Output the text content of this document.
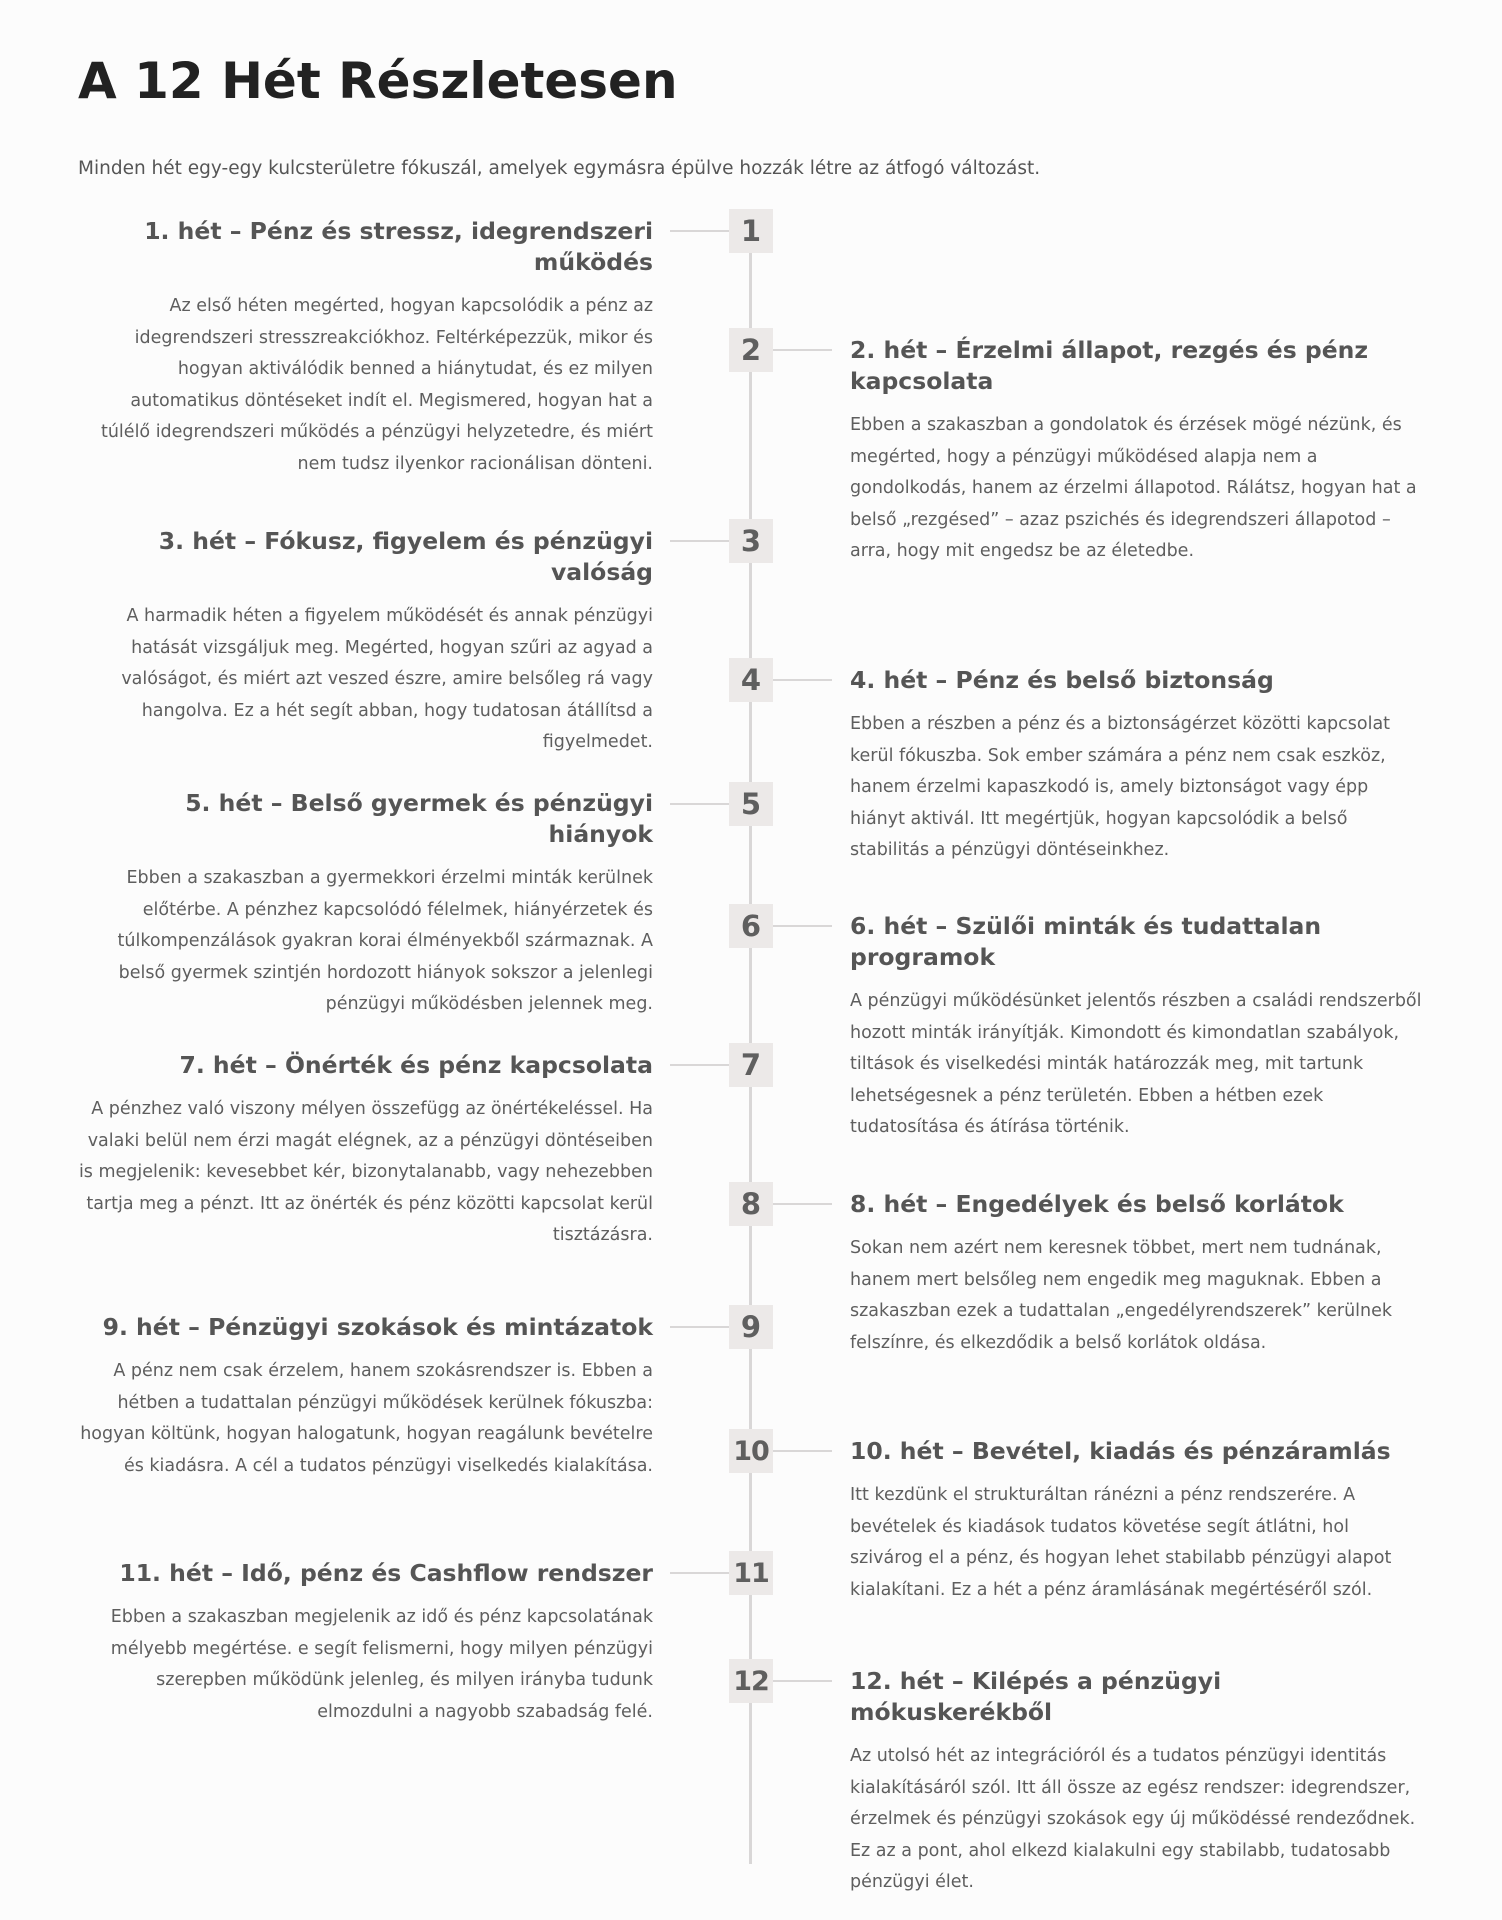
A 12 Hét Részletesen

Minden hét egy-egy kulcsterületre fókuszál, amelyek egymásra épülve hozzák létre az átfogó változást.

1
1. hét – Pénz és stressz, idegrendszeri működés

Az első héten megérted, hogyan kapcsolódik a pénz az idegrendszeri stresszreakciókhoz. Feltérképezzük, mikor és hogyan aktiválódik benned a hiánytudat, és ez milyen automatikus döntéseket indít el. Megismered, hogyan hat a túlélő idegrendszeri működés a pénzügyi helyzetedre, és miért nem tudsz ilyenkor racionálisan dönteni.

2	2. hét – Érzelmi állapot, rezgés és pénz kapcsolata

Ebben a szakaszban a gondolatok és érzések mögé nézünk, és megérted, hogy a pénzügyi működésed alapja nem a gondolkodás, hanem az érzelmi állapotod. Rálátsz, hogyan hat a belső „rezgésed” – azaz pszichés és idegrendszeri állapotod – arra, hogy mit engedsz be az életedbe.

3
3. hét – Fókusz, figyelem és pénzügyi valóság

A harmadik héten a figyelem működését és annak pénzügyi hatását vizsgáljuk meg. Megérted, hogyan szűri az agyad a valóságot, és miért azt veszed észre, amire belsőleg rá vagy hangolva. Ez a hét segít abban, hogy tudatosan átállítsd a figyelmedet.

4	4. hét – Pénz és belső biztonság

Ebben a részben a pénz és a biztonságérzet közötti kapcsolat kerül fókuszba. Sok ember számára a pénz nem csak eszköz, hanem érzelmi kapaszkodó is, amely biztonságot vagy épp hiányt aktivál. Itt megértjük, hogyan kapcsolódik a belső stabilitás a pénzügyi döntéseinkhez.

5
5. hét – Belső gyermek és pénzügyi hiányok

Ebben a szakaszban a gyermekkori érzelmi minták kerülnek előtérbe. A pénzhez kapcsolódó félelmek, hiányérzetek és túlkompenzálások gyakran korai élményekből származnak. A belső gyermek szintjén hordozott hiányok sokszor a jelenlegi pénzügyi működésben jelennek meg.

6	6. hét – Szülői minták és tudattalan programok

A pénzügyi működésünket jelentős részben a családi rendszerből hozott minták irányítják. Kimondott és kimondatlan szabályok, tiltások és viselkedési minták határozzák meg, mit tartunk lehetségesnek a pénz területén. Ebben a hétben ezek tudatosítása és átírása történik.

7
7. hét – Önérték és pénz kapcsolata

A pénzhez való viszony mélyen összefügg az önértékeléssel. Ha valaki belül nem érzi magát elégnek, az a pénzügyi döntéseiben is megjelenik: kevesebbet kér, bizonytalanabb, vagy nehezebben tartja meg a pénzt. Itt az önérték és pénz közötti kapcsolat kerül tisztázásra.

8	8. hét – Engedélyek és belső korlátok

Sokan nem azért nem keresnek többet, mert nem tudnának, hanem mert belsőleg nem engedik meg maguknak. Ebben a szakaszban ezek a tudattalan „engedélyrendszerek” kerülnek felszínre, és elkezdődik a belső korlátok oldása.

9
9. hét – Pénzügyi szokások és mintázatok

A pénz nem csak érzelem, hanem szokásrendszer is. Ebben a hétben a tudattalan pénzügyi működések kerülnek fókuszba: hogyan költünk, hogyan halogatunk, hogyan reagálunk bevételre és kiadásra. A cél a tudatos pénzügyi viselkedés kialakítása.	10	10. hét – Bevétel, kiadás és pénzáramlás

Itt kezdünk el strukturáltan ránézni a pénz rendszerére. A bevételek és kiadások tudatos követése segít átlátni, hol szivárog el a pénz, és hogyan lehet stabilabb pénzügyi alapot kialakítani. Ez a hét a pénz áramlásának megértéséről szól.

11
11. hét – Idő, pénz és Cashflow rendszer

Ebben a szakaszban megjelenik az idő és pénz kapcsolatának mélyebb megértése. e segít felismerni, hogy milyen pénzügyi szerepben működünk jelenleg, és milyen irányba tudunk elmozdulni a nagyobb szabadság felé.

12	12. hét – Kilépés a pénzügyi mókuskerékből

Az utolsó hét az integrációról és a tudatos pénzügyi identitás kialakításáról szól. Itt áll össze az egész rendszer: idegrendszer, érzelmek és pénzügyi szokások egy új működéssé rendeződnek. Ez az a pont, ahol elkezd kialakulni egy stabilabb, tudatosabb pénzügyi élet.
